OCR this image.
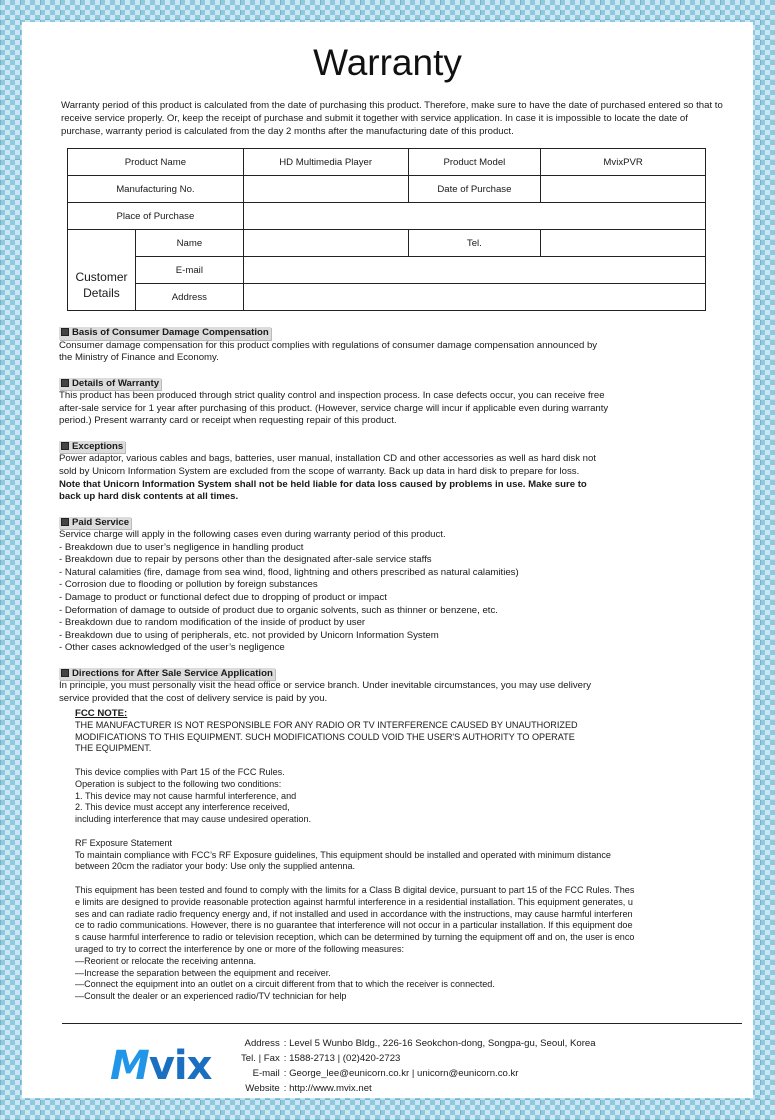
Warranty
Warranty period of this product is calculated from the date of purchasing this product. Therefore, make sure to have the date of purchased entered so that to receive service properly. Or, keep the receipt of purchase and submit it together with service application. In case it is impossible to locate the date of purchase, warranty period is calculated from the day 2 months after the manufacturing date of this product.
Product Name		HD Multimedia Player	Product Model	MvixPVR
Manufacturing No.			Date of Purchase	
Place of Purchase				
Customer Details	Name		Tel.	
	E-mail			
	Address			
Basis of Consumer Damage Compensation
Consumer damage compensation for this product complies with regulations of consumer damage compensation announced by
the Ministry of Finance and Economy.
Details of Warranty
This product has been produced through strict quality control and inspection process. In case defects occur, you can receive free
after-sale service for 1 year after purchasing of this product. (However, service charge will incur if applicable even during warranty
period.) Present warranty card or receipt when requesting repair of this product.
Exceptions
Power adaptor, various cables and bags, batteries, user manual, installation CD and other accessories as well as hard disk not
sold by Unicorn Information System are excluded from the scope of warranty. Back up data in hard disk to prepare for loss.
Note that Unicorn Information System shall not be held liable for data loss caused by problems in use. Make sure to
back up hard disk contents at all times.
Paid Service
Service charge will apply in the following cases even during warranty period of this product.
- Breakdown due to user’s negligence in handling product
- Breakdown due to repair by persons other than the designated after-sale service staffs
- Natural calamities (fire, damage from sea wind, flood, lightning and others prescribed as natural calamities)
- Corrosion due to flooding or pollution by foreign substances
- Damage to product or functional defect due to dropping of product or impact
- Deformation of damage to outside of product due to organic solvents, such as thinner or benzene, etc.
- Breakdown due to random modification of the inside of product by user
- Breakdown due to using of peripherals, etc. not provided by Unicorn Information System
- Other cases acknowledged of the user’s negligence
Directions for After Sale Service Application
In principle, you must personally visit the head office or service branch. Under inevitable circumstances, you may use delivery
service provided that the cost of delivery service is paid by you.
FCC NOTE:
THE MANUFACTURER IS NOT RESPONSIBLE FOR ANY RADIO OR TV INTERFERENCE CAUSED BY UNAUTHORIZED
MODIFICATIONS TO THIS EQUIPMENT. SUCH MODIFICATIONS COULD VOID THE USER'S AUTHORITY TO OPERATE
THE EQUIPMENT.
This device complies with Part 15 of the FCC Rules.
Operation is subject to the following two conditions:
1. This device may not cause harmful interference, and
2. This device must accept any interference received,
including interference that may cause undesired operation.
RF Exposure Statement
To maintain compliance with FCC’s RF Exposure guidelines, This equipment should be installed and operated with minimum distance
between 20cm the radiator your body: Use only the supplied antenna.
This equipment has been tested and found to comply with the limits for a Class B digital device, pursuant to part 15 of the FCC Rules. Thes
e limits are designed to provide reasonable protection against harmful interference in a residential installation. This equipment generates, u
ses and can radiate radio frequency energy and, if not installed and used in accordance with the instructions, may cause harmful interferen
ce to radio communications. However, there is no guarantee that interference will not occur in a particular installation. If this equipment doe
s cause harmful interference to radio or television reception, which can be determined by turning the equipment off and on, the user is enco
uraged to try to correct the interference by one or more of the following measures:
—Reorient or relocate the receiving antenna.
—Increase the separation between the equipment and receiver.
—Connect the equipment into an outlet on a circuit different from that to which the receiver is connected.
—Consult the dealer or an experienced radio/TV technician for help
Mvix	Address	: Level 5 Wunbo Bldg., 226-16 Seokchon-dong, Songpa-gu, Seoul, Korea
Tel. | Fax	: 1588-2713 | (02)420-2723
E-mail	: George_lee@eunicorn.co.kr | unicorn@eunicorn.co.kr
Website	: http://www.mvix.net
